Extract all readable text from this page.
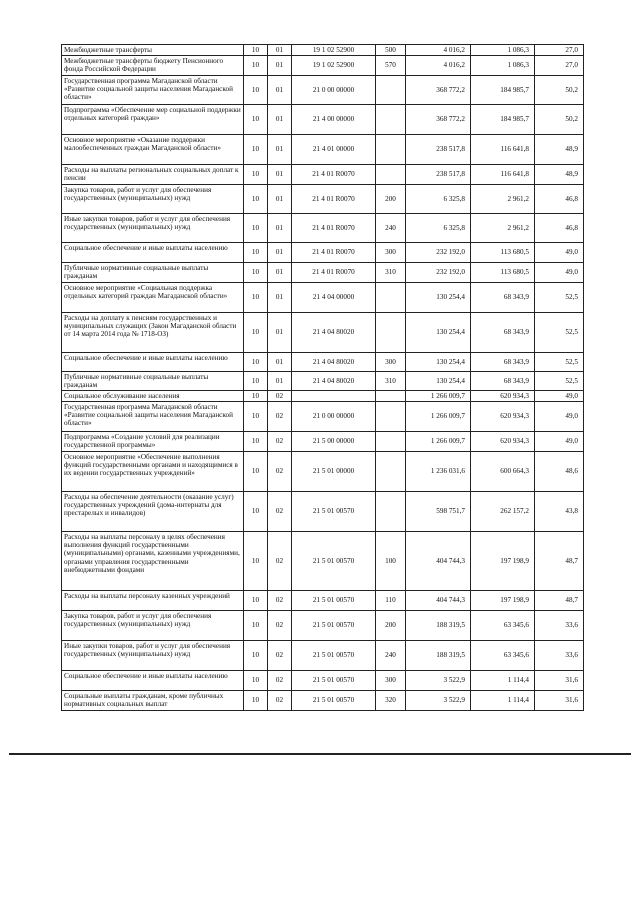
Межбюджетные трансферты	10	01	19 1 02 52900	500	4 016,2	1 086,3	27,0
Межбюджетные трансферты бюджету Пенсионного фонда Российской Федерации	10	01	19 1 02 52900	570	4 016,2	1 086,3	27,0
Государственная программа Магаданской области «Развитие социальной защиты населения Магаданской области»	10	01	21 0 00 00000		368 772,2	184 985,7	50,2
Подпрограмма «Обеспечение мер социальной поддержки отдельных категорий граждан»	10	01	21 4 00 00000		368 772,2	184 985,7	50,2
Основное мероприятие «Оказание поддержки малообеспеченных граждан Магаданской области»	10	01	21 4 01 00000		238 517,8	116 641,8	48,9
Расходы на выплаты региональных социальных доплат к пенсии	10	01	21 4 01 R0070		238 517,8	116 641,8	48,9
Закупка товаров, работ и услуг для обеспечения государственных (муниципальных) нужд	10	01	21 4 01 R0070	200	6 325,8	2 961,2	46,8
Иные закупки товаров, работ и услуг для обеспечения государственных (муниципальных) нужд	10	01	21 4 01 R0070	240	6 325,8	2 961,2	46,8
Социальное обеспечение и иные выплаты населению	10	01	21 4 01 R0070	300	232 192,0	113 680,5	49,0
Публичные нормативные социальные выплаты гражданам	10	01	21 4 01 R0070	310	232 192,0	113 680,5	49,0
Основное мероприятие «Социальная поддержка отдельных категорий граждан Магаданской области»	10	01	21 4 04 00000		130 254,4	68 343,9	52,5
Расходы на доплату к пенсиям государственных и муниципальных служащих (Закон Магаданской области от 14 марта 2014 года № 1718-ОЗ)	10	01	21 4 04 80020		130 254,4	68 343,9	52,5
Социальное обеспечение и иные выплаты населению	10	01	21 4 04 80020	300	130 254,4	68 343,9	52,5
Публичные нормативные социальные выплаты гражданам	10	01	21 4 04 80020	310	130 254,4	68 343,9	52,5
Социальное обслуживание населения	10	02			1 266 009,7	620 934,3	49,0
Государственная программа Магаданской области «Развитие социальной защиты населения Магаданской области»	10	02	21 0 00 00000		1 266 009,7	620 934,3	49,0
Подпрограмма «Создание условий для реализации государственной программы»	10	02	21 5 00 00000		1 266 009,7	620 934,3	49,0
Основное мероприятие «Обеспечение выполнения функций государственными органами и находящимися в их ведении государственных учреждений»	10	02	21 5 01 00000		1 236 031,6	600 664,3	48,6
Расходы на обеспечение деятельности (оказание услуг) государственных учреждений (дома-интернаты для престарелых и инвалидов)	10	02	21 5 01 00570		598 751,7	262 157,2	43,8
Расходы на выплаты персоналу в целях обеспечения выполнения функций государственными (муниципальными) органами, казенными учреждениями, органами управления государственными внебюджетными фондами	10	02	21 5 01 00570	100	404 744,3	197 198,9	48,7
Расходы на выплаты персоналу казенных учреждений	10	02	21 5 01 00570	110	404 744,3	197 198,9	48,7
Закупка товаров, работ и услуг для обеспечения государственных (муниципальных) нужд	10	02	21 5 01 00570	200	188 319,5	63 345,6	33,6
Иные закупки товаров, работ и услуг для обеспечения государственных (муниципальных) нужд	10	02	21 5 01 00570	240	188 319,5	63 345,6	33,6
Социальное обеспечение и иные выплаты населению	10	02	21 5 01 00570	300	3 522,9	1 114,4	31,6
Социальные выплаты гражданам, кроме публичных нормативных социальных выплат	10	02	21 5 01 00570	320	3 522,9	1 114,4	31,6
